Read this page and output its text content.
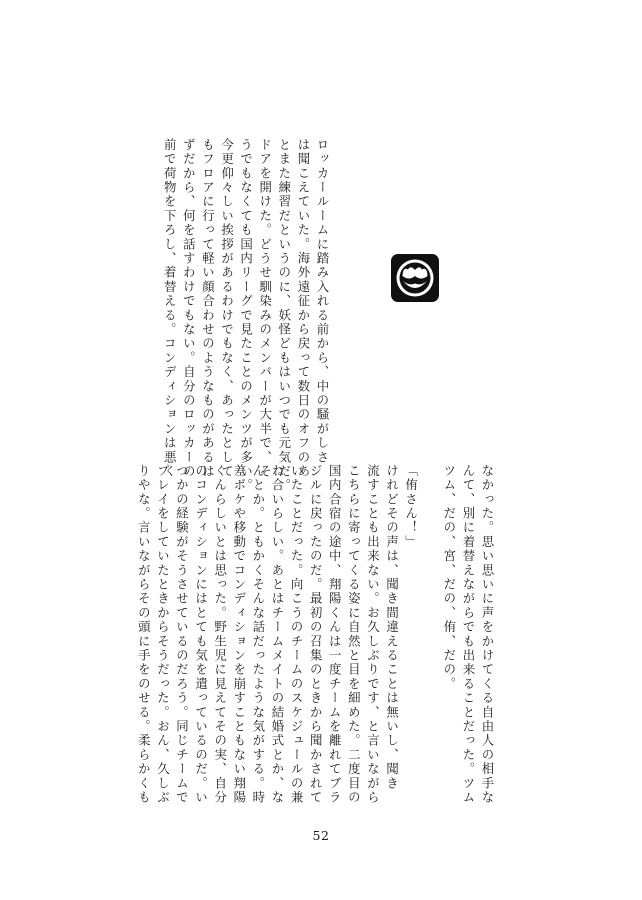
ロッカールームに踏み入れる前から、中の騒がしさ
は聞こえていた。海外遠征から戻って数日のオフのあ
とまた練習だというのに、妖怪どもはいつでも元気だ。
ドアを開けた。どうせ馴染みのメンバーが大半で、そ
うでもなくても国内リーグで見たことのメンツが多い。
今更仰々しい挨拶があるわけでもなく、あったとして
もフロアに行って軽い顔合わせのようなものがあるは
ずだから、何を話すわけでもない。自分のロッカーの
前で荷物を下ろし、着替える。コンディションは悪く
なかった。思い思いに声をかけてくる自由人の相手な
んて、別に着替えながらでも出来ることだった。ツム
ツム、だの、宮、だの、侑、だの。
「侑さん！」
けれどその声は、聞き間違えることは無いし、聞き
流すことも出来ない。お久しぶりです、と言いながら
こちらに寄ってくる姿に自然と目を細めた。二度目の
国内合宿の途中、翔陽くんは一度チームを離れてブラ
ジルに戻ったのだ。最初の召集のときから聞かされて
いたことだった。向こうのチームのスケジュールの兼
ね合いらしい。あとはチームメイトの結婚式とか、な
んとか。ともかくそんな話だったような気がする。時
差ボケや移動でコンディションを崩すこともない翔陽
くんらしいとは思った。野生児に見えてその実、自分
のコンディションにはとても気を遣っているのだ。い
つかの経験がそうさせているのだろう。同じチームで
プレイをしていたときからそうだった。おん、久しぶ
りやな。言いながらその頭に手をのせる。柔らかくも
52
